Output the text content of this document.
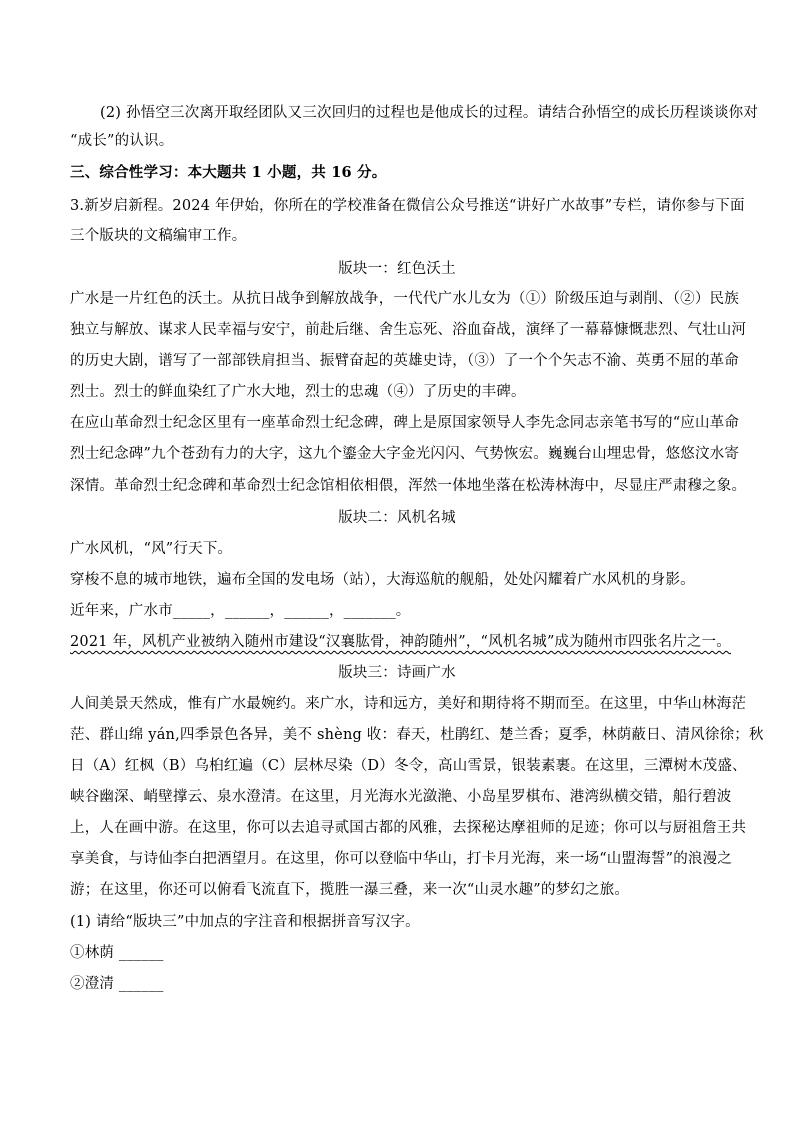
(2) 孙悟空三次离开取经团队又三次回归的过程也是他成长的过程。请结合孙悟空的成长历程谈谈你对
“成长”的认识。
三、综合性学习：本大题共 1 小题，共 16 分。
3.新岁启新程。2024 年伊始，你所在的学校准备在微信公众号推送“讲好广水故事”专栏，请你参与下面
三个版块的文稿编审工作。
版块一：红色沃土
广水是一片红色的沃土。从抗日战争到解放战争，一代代广水儿女为（①）阶级压迫与剥削、（②）民族
独立与解放、谋求人民幸福与安宁，前赴后继、舍生忘死、浴血奋战，演绎了一幕幕慷慨悲烈、气壮山河
的历史大剧，谱写了一部部铁肩担当、振臂奋起的英雄史诗，（③）了一个个矢志不渝、英勇不屈的革命
烈士。烈士的鲜血染红了广水大地，烈士的忠魂（④）了历史的丰碑。
在应山革命烈士纪念区里有一座革命烈士纪念碑，碑上是原国家领导人李先念同志亲笔书写的“应山革命
烈士纪念碑”九个苍劲有力的大字，这九个鎏金大字金光闪闪、气势恢宏。巍巍台山埋忠骨，悠悠汶水寄
深情。革命烈士纪念碑和革命烈士纪念馆相依相偎，浑然一体地坐落在松涛林海中，尽显庄严肃穆之象。
版块二：风机名城
广水风机，“风”行天下。
穿梭不息的城市地铁，遍布全国的发电场（站），大海巡航的舰船，处处闪耀着广水风机的身影。
近年来，广水市_____，______，______，_______。
2021 年，风机产业被纳入随州市建设“汉襄肱骨，神韵随州”，“风机名城”成为随州市四张名片之一。
版块三：诗画广水
人间美景天然成，惟有广水最婉约。来广水，诗和远方，美好和期待将不期而至。在这里，中华山林海茫
茫、群山绵 yán,四季景色各异，美不 shèng 收：春天，杜鹃红、楚兰香；夏季，林荫蔽日、清风徐徐；秋
日（A）红枫（B）乌桕红遍（C）层林尽染（D）冬令，高山雪景，银装素裹。在这里，三潭树木茂盛、
峡谷幽深、峭壁撑云、泉水澄清。在这里，月光海水光潋滟、小岛星罗棋布、港湾纵横交错，船行碧波
上，人在画中游。在这里，你可以去追寻贰国古都的风雅，去探秘达摩祖师的足迹；你可以与厨祖詹王共
享美食，与诗仙李白把酒望月。在这里，你可以登临中华山，打卡月光海，来一场“山盟海誓”的浪漫之
游；在这里，你还可以俯看飞流直下，揽胜一瀑三叠，来一次“山灵水趣”的梦幻之旅。
(1) 请给“版块三”中加点的字注音和根据拼音写汉字。
①林荫 ______
②澄清 ______
